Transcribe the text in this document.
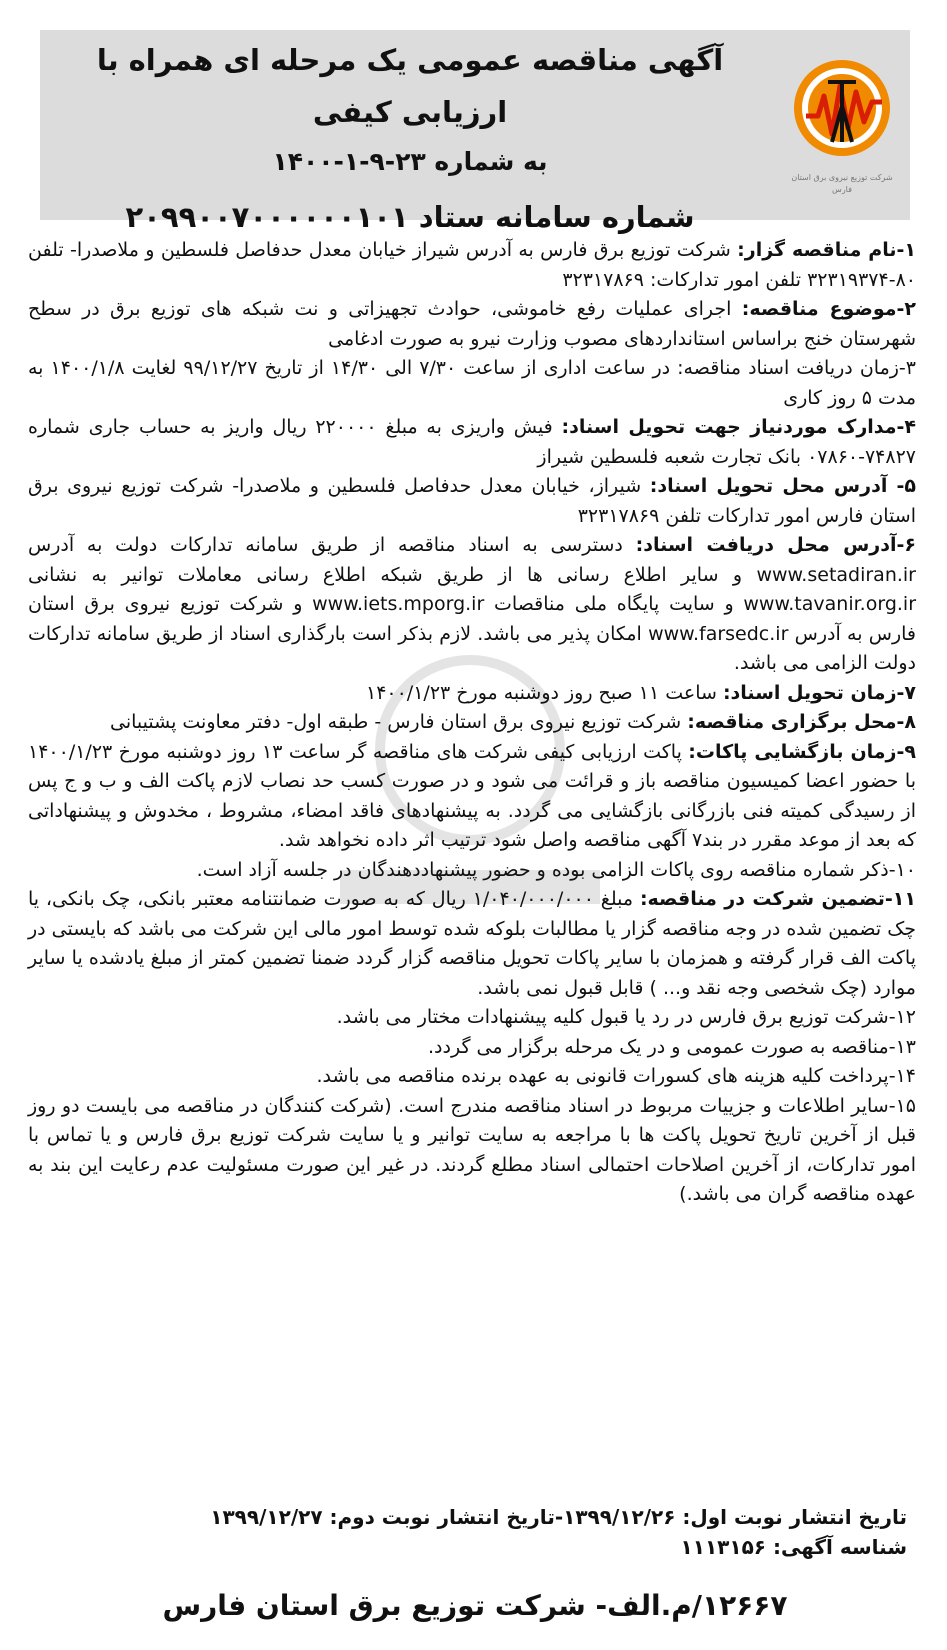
شرکت توزیع نیروی برق استان فارس
آگهی مناقصه عمومی یک مرحله ای همراه با ارزیابی کیفی
به شماره ۲۳-۹-۱-۱۴۰۰
شماره سامانه ستاد ۲۰۹۹۰۰۷۰۰۰۰۰۰۱۰۱

۱-نام مناقصه گزار: شرکت توزیع برق فارس به آدرس شیراز خیابان معدل حدفاصل فلسطین و ملاصدرا- تلفن ۸۰-۳۲۳۱۹۳۷۴ تلفن امور تدارکات: ۳۲۳۱۷۸۶۹

۲-موضوع مناقصه: اجرای عملیات رفع خاموشی، حوادث تجهیزاتی و نت شبکه های توزیع برق در سطح شهرستان خنج براساس استانداردهای مصوب وزارت نیرو به صورت ادغامی

۳-زمان دریافت اسناد مناقصه: در ساعت اداری از ساعت ۷/۳۰ الی ۱۴/۳۰ از تاریخ ۹۹/۱۲/۲۷ لغایت ۱۴۰۰/۱/۸ به مدت ۵ روز کاری

۴-مدارک موردنیاز جهت تحویل اسناد: فیش واریزی به مبلغ ۲۲۰۰۰۰ ریال واریز به حساب جاری شماره ۷۴۸۲۷-۰۷۸۶۰ بانک تجارت شعبه فلسطین شیراز

۵- آدرس محل تحویل اسناد: شیراز، خیابان معدل حدفاصل فلسطین و ملاصدرا- شرکت توزیع نیروی برق استان فارس امور تدارکات تلفن ۳۲۳۱۷۸۶۹

۶-آدرس محل دریافت اسناد: دسترسی به اسناد مناقصه از طریق سامانه تدارکات دولت به آدرس www.setadiran.ir و سایر اطلاع رسانی ها از طریق شبکه اطلاع رسانی معاملات توانیر به نشانی www.tavanir.org.ir و سایت پایگاه ملی مناقصات www.iets.mporg.ir و شرکت توزیع نیروی برق استان فارس به آدرس www.farsedc.ir امکان پذیر می باشد. لازم بذکر است بارگذاری اسناد از طریق سامانه تدارکات دولت الزامی می باشد.

۷-زمان تحویل اسناد: ساعت ۱۱ صبح روز دوشنبه مورخ ۱۴۰۰/۱/۲۳

۸-محل برگزاری مناقصه: شرکت توزیع نیروی برق استان فارس - طبقه اول- دفتر معاونت پشتیبانی

۹-زمان بازگشایی پاکات: پاکت ارزیابی کیفی شرکت های مناقصه گر ساعت ۱۳ روز دوشنبه مورخ ۱۴۰۰/۱/۲۳ با حضور اعضا کمیسیون مناقصه باز و قرائت می شود و در صورت کسب حد نصاب لازم پاکت الف و ب و ج پس از رسیدگی کمیته فنی بازرگانی بازگشایی می گردد. به پیشنهادهای فاقد امضاء، مشروط ، مخدوش و پیشنهاداتی که بعد از موعد مقرر در بند۷ آگهی مناقصه واصل شود ترتیب اثر داده نخواهد شد.

۱۰-ذکر شماره مناقصه روی پاکات الزامی بوده و حضور پیشنهاددهندگان در جلسه آزاد است.

۱۱-تضمین شرکت در مناقصه: مبلغ ۱/۰۴۰/۰۰۰/۰۰۰ ریال که به صورت ضمانتنامه معتبر بانکی، چک بانکی، یا چک تضمین شده در وجه مناقصه گزار یا مطالبات بلوکه شده توسط امور مالی این شرکت می باشد که بایستی در پاکت الف قرار گرفته و همزمان با سایر پاکات تحویل مناقصه گزار گردد ضمنا تضمین کمتر از مبلغ یادشده یا سایر موارد (چک شخصی وجه نقد و... ) قابل قبول نمی باشد.

۱۲-شرکت توزیع برق فارس در رد یا قبول کلیه پیشنهادات مختار می باشد.

۱۳-مناقصه به صورت عمومی و در یک مرحله برگزار می گردد.

۱۴-پرداخت کلیه هزینه های کسورات قانونی به عهده برنده مناقصه می باشد.

۱۵-سایر اطلاعات و جزییات مربوط در اسناد مناقصه مندرج است. (شرکت کنندگان در مناقصه می بایست دو روز قبل از آخرین تاریخ تحویل پاکت ها با مراجعه به سایت توانیر و یا سایت شرکت توزیع برق فارس و یا تماس با امور تدارکات، از آخرین اصلاحات احتمالی اسناد مطلع گردند. در غیر این صورت مسئولیت عدم رعایت این بند به عهده مناقصه گران می باشد.)

تاریخ انتشار نوبت اول: ۱۳۹۹/۱۲/۲۶-تاریخ انتشار نوبت دوم: ۱۳۹۹/۱۲/۲۷
شناسه آگهی: ۱۱۱۳۱۵۶
۱۲۶۶۷/م.الف- شرکت توزیع برق استان فارس
